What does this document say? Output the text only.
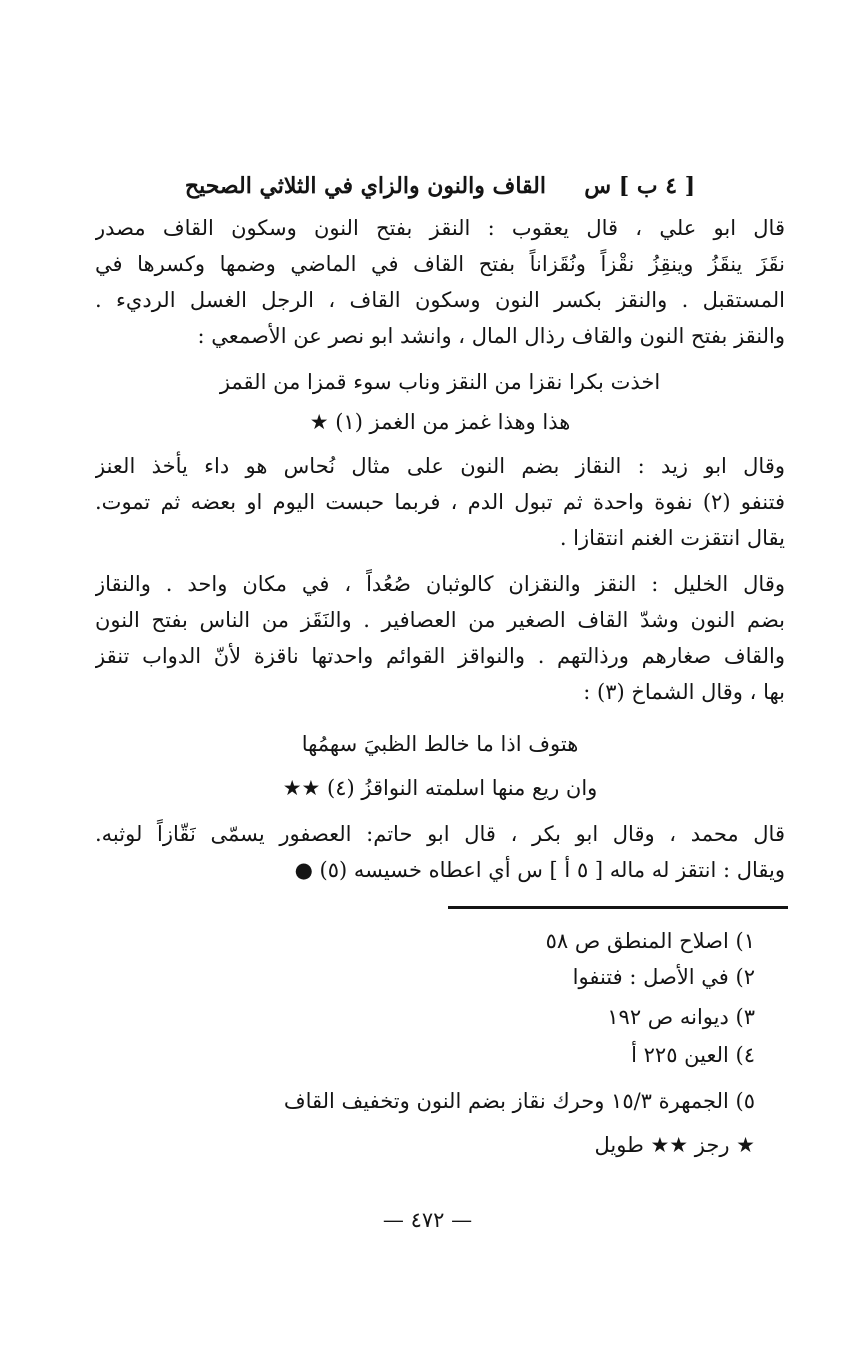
[ ٤ ب ] س     القاف والنون والزاي في الثلاثي الصحيح
قال ابو علي ، قال يعقوب : النقز بفتح النون وسكون القاف مصدر
نقَزَ ينقَزُ وينقِزُ نقْزاً ونُقَزاناً بفتح القاف في الماضي وضمها وكسرها في
المستقبل . والنقز بكسر النون وسكون القاف ، الرجل الغسل الرديء .
والنقز بفتح النون والقاف رذال المال ، وانشد ابو نصر عن الأصمعي :
اخذت بكرا نقزا من النقز وناب سوء قمزا من القمز
هذا وهذا غمز من الغمز (١) ★
وقال ابو زيد : النقاز بضم النون على مثال نُحاس هو داء يأخذ العنز
فتنفو (٢) نفوة واحدة ثم تبول الدم ، فربما حبست اليوم او بعضه ثم تموت.
يقال انتقزت الغنم انتقازا .
وقال الخليل : النقز والنقزان كالوثبان صُعُداً ، في مكان واحد . والنقاز
بضم النون وشدّ القاف الصغير من العصافير . والنَقَز من الناس بفتح النون
والقاف صغارهم ورذالتهم . والنواقز القوائم واحدتها ناقزة لأنّ الدواب تنقز
بها ، وقال الشماخ (٣) :
هتوف اذا ما خالط الظبيَ سهمُها
وان ريع منها اسلمته النواقزُ (٤) ★★
قال محمد ، وقال ابو بكر ، قال ابو حاتم: العصفور يسمّى نَقّازاً لوثبه.
ويقال : انتقز له ماله [ ٥ أ ] س أي اعطاه خسيسه (٥) ●
١) اصلاح المنطق ص ٥٨
٢) في الأصل : فتنفوا
٣) ديوانه ص ١٩٢
٤) العين ٢٢٥ أ
٥) الجمهرة ١٥/٣ وحرك نقاز بضم النون وتخفيف القاف
★ رجز ★★ طويل
— ٤٧٢ —
